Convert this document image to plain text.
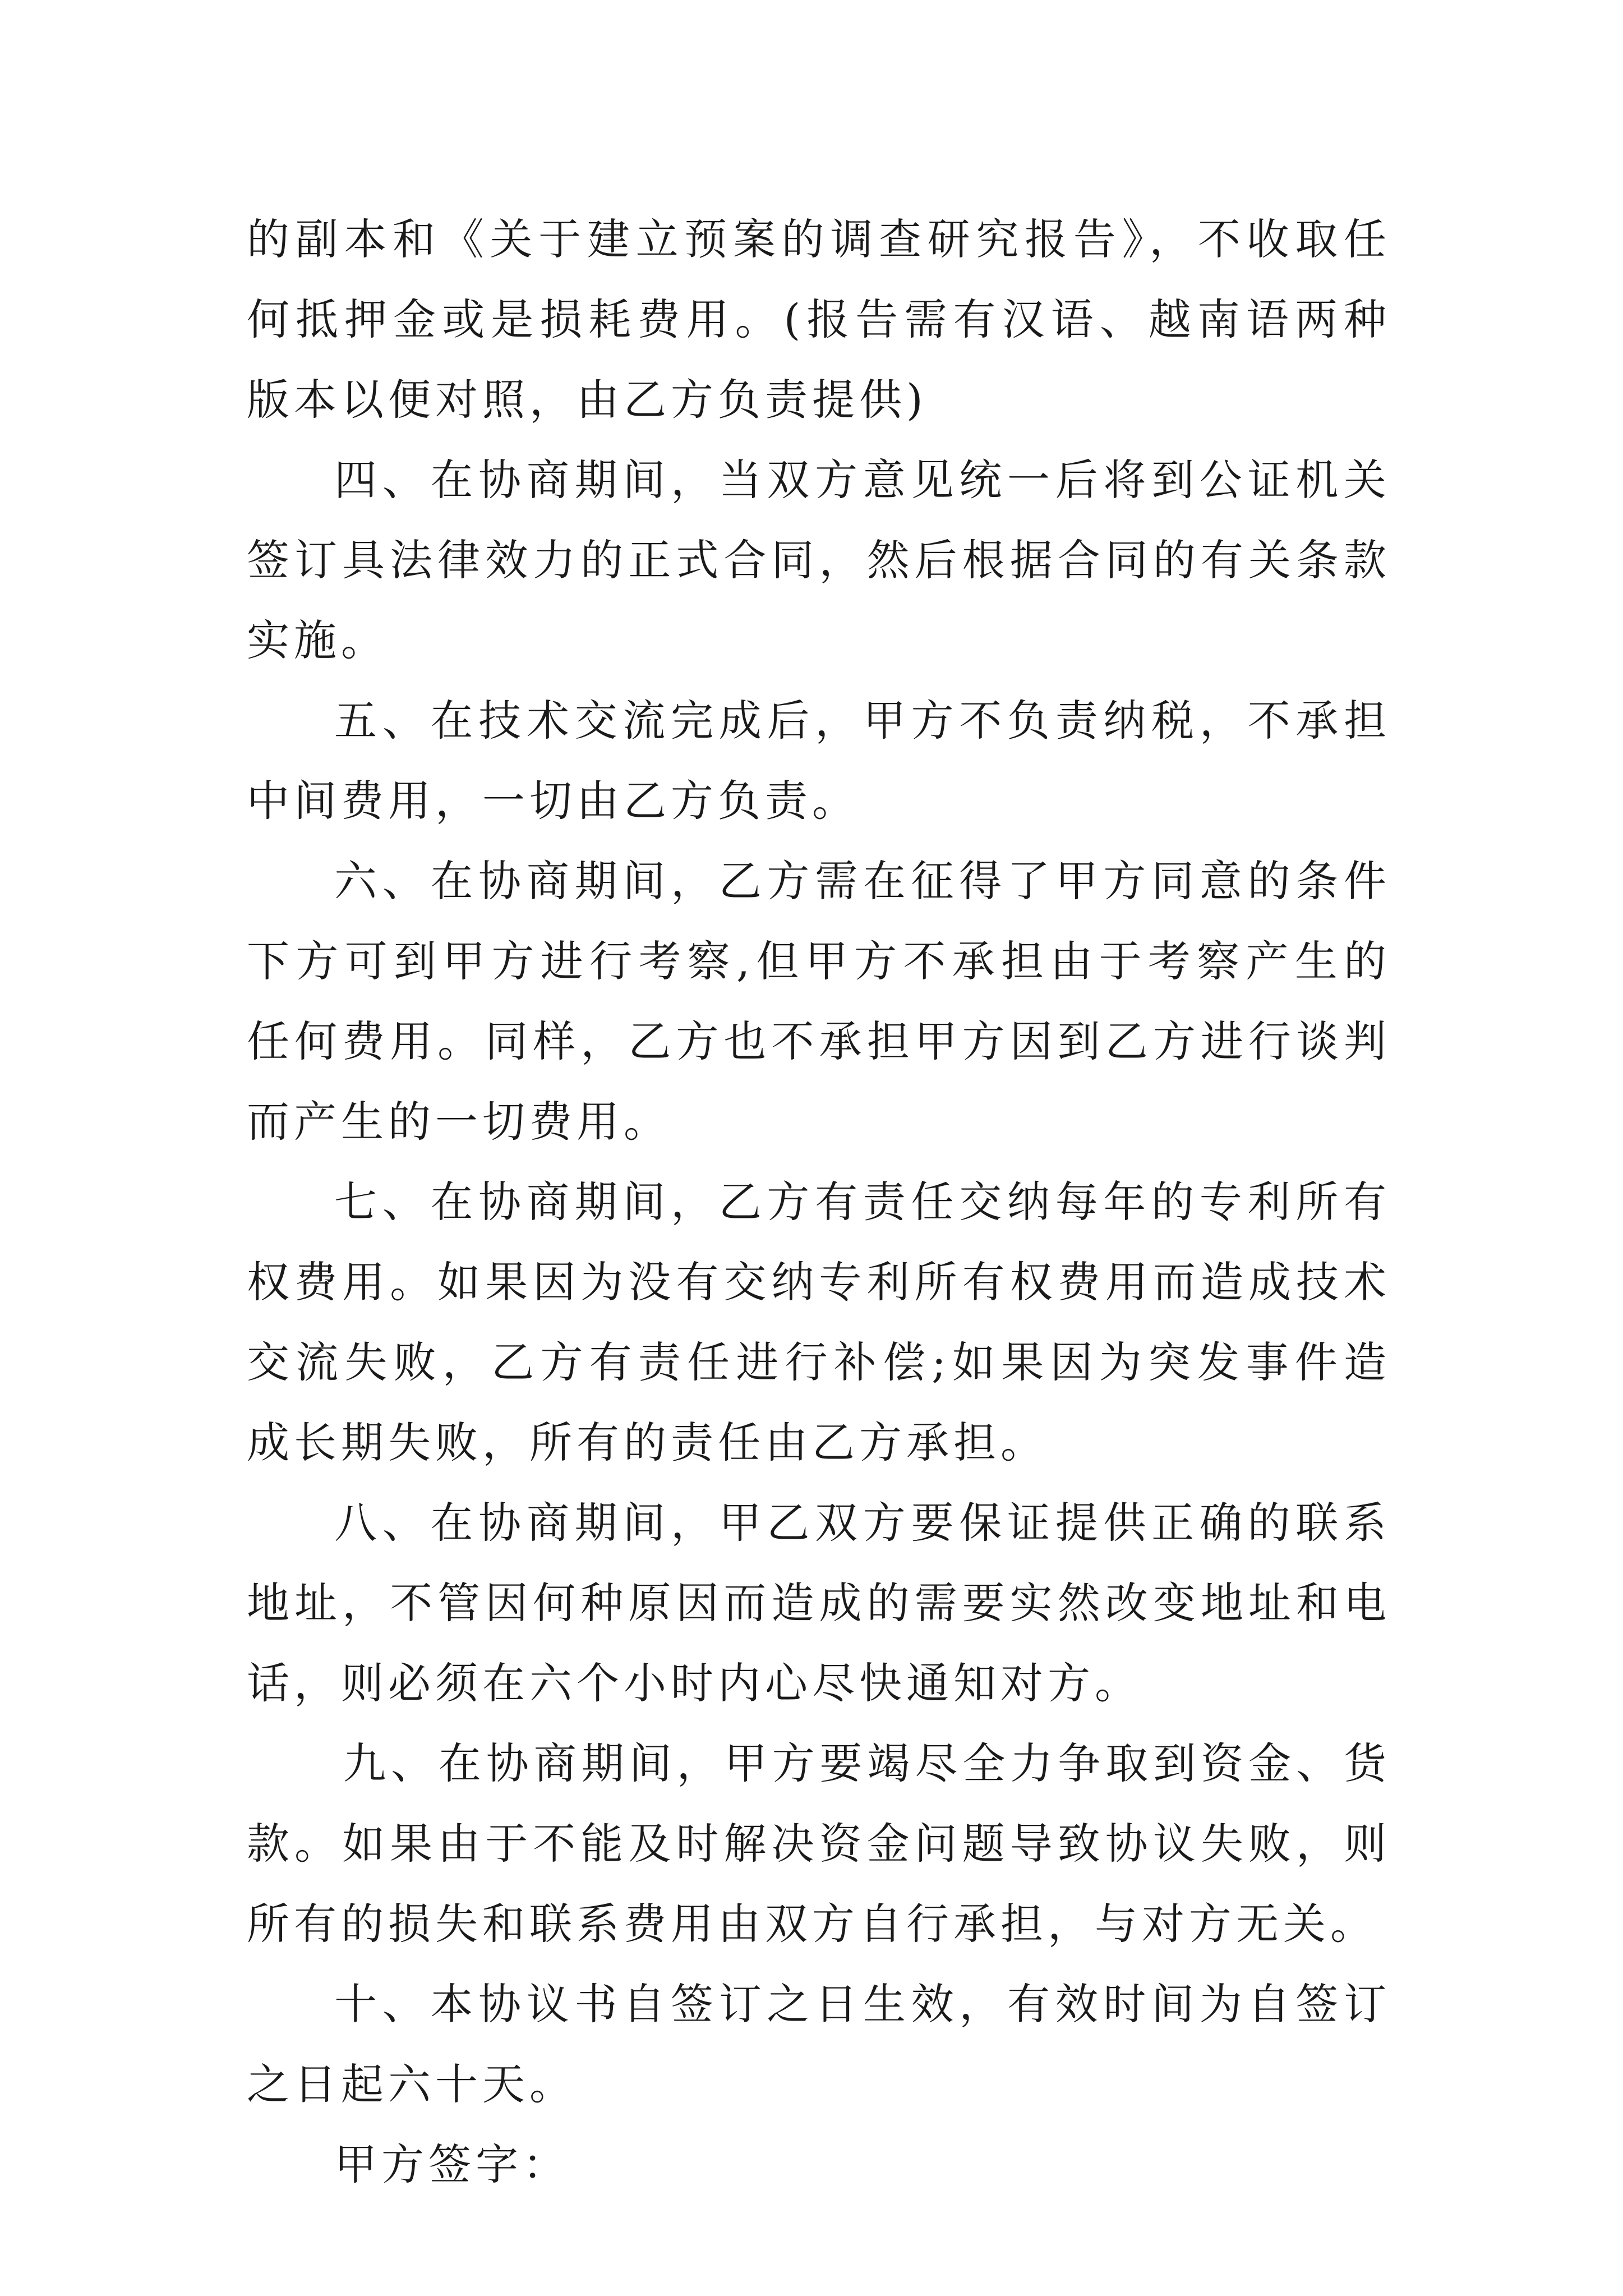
的副本和《关于建立预案的调查研究报告》，不收取任何抵押金或是损耗费用。(报告需有汉语、越南语两种版本以便对照，由乙方负责提供)

四、在协商期间，当双方意见统一后将到公证机关签订具法律效力的正式合同，然后根据合同的有关条款实施。

五、在技术交流完成后，甲方不负责纳税，不承担中间费用，一切由乙方负责。

六、在协商期间，乙方需在征得了甲方同意的条件下方可到甲方进行考察,但甲方不承担由于考察产生的任何费用。同样，乙方也不承担甲方因到乙方进行谈判而产生的一切费用。

七、在协商期间，乙方有责任交纳每年的专利所有权费用。如果因为没有交纳专利所有权费用而造成技术交流失败，乙方有责任进行补偿;如果因为突发事件造成长期失败，所有的责任由乙方承担。

八、在协商期间，甲乙双方要保证提供正确的联系地址，不管因何种原因而造成的需要实然改变地址和电话，则必须在六个小时内心尽快通知对方。

九、在协商期间，甲方要竭尽全力争取到资金、货款。如果由于不能及时解决资金问题导致协议失败，则所有的损失和联系费用由双方自行承担，与对方无关。

十、本协议书自签订之日生效，有效时间为自签订之日起六十天。

甲方签字：
